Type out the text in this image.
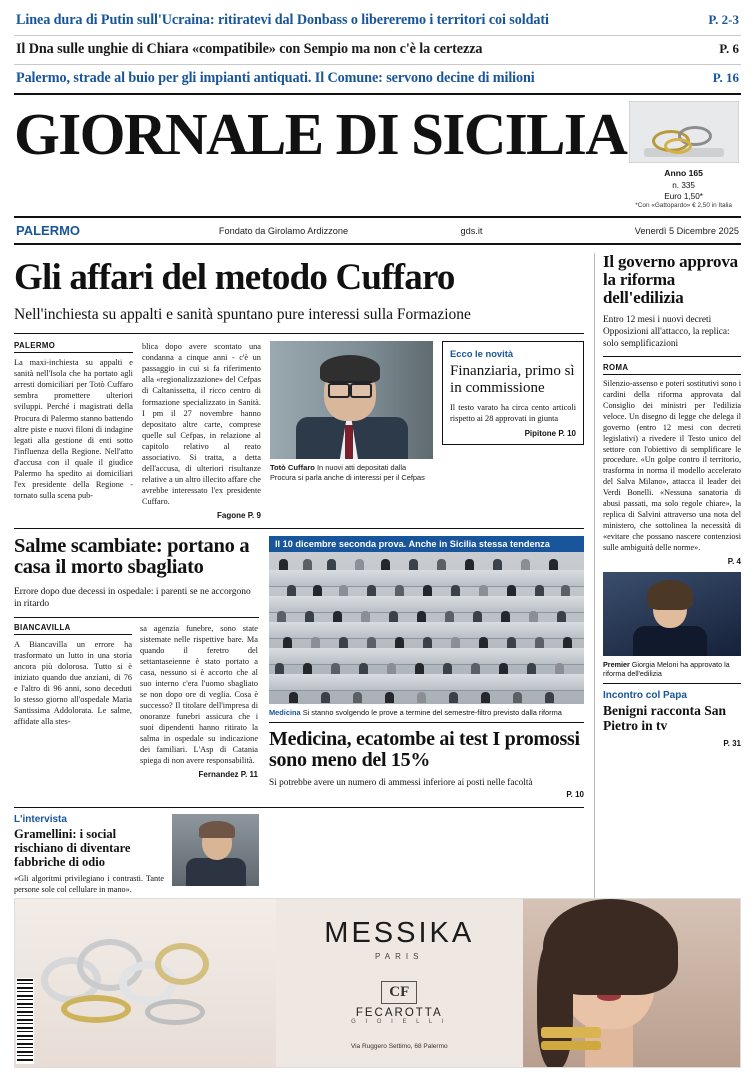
Linea dura di Putin sull'Ucraina: ritiratevi dal Donbass o libereremo i territori coi soldati	P. 2-3
Il Dna sulle unghie di Chiara «compatibile» con Sempio ma non c'è la certezza	P. 6
Palermo, strade al buio per gli impianti antiquati. Il Comune: servono decine di milioni	P. 16
GIORNALE DI SICILIA
Anno 165
n. 335
Euro 1,50*
*Con «Gattopardo» € 2,50 in Italia
PALERMO	Fondato da Girolamo Ardizzone	gds.it	Venerdì 5 Dicembre 2025
Gli affari del metodo Cuffaro
Nell'inchiesta su appalti e sanità spuntano pure interessi sulla Formazione
PALERMO
La maxi-inchiesta su appalti e sanità nell'Isola che ha portato agli arresti domiciliari per Totò Cuffaro sembra promettere ulteriori sviluppi. Perché i magistrati della Procura di Palermo stanno battendo altre piste e nuovi filoni di indagine legati alla gestione di enti sotto l'influenza della Regione. Nell'atto d'accusa con il quale il giudice Palermo ha spedito ai domiciliari l'ex presidente della Regione - tornato sulla scena pub-
blica dopo avere scontato una condanna a cinque anni - c'è un passaggio in cui si fa riferimento alla «regionalizzazione» del Cefpas di Caltanissetta, il ricco centro di formazione specializzato in Sanità. I pm il 27 novembre hanno depositato altre carte, comprese quelle sul Cefpas, in relazione al capitolo relativo al reato associativo. Si tratta, a detta dell'accusa, di ulteriori risultanze relative a un altro illecito affare che avrebbe interessato l'ex presidente Cuffaro.
Fagone P. 9
Totò Cuffaro In nuovi atti depositati dalla Procura si parla anche di interessi per il Cefpas
Ecco le novità
Finanziaria, primo sì in commissione
Il testo varato ha circa cento articoli rispetto ai 28 approvati in giunta
Pipitone P. 10
Salme scambiate: portano a casa il morto sbagliato
Errore dopo due decessi in ospedale: i parenti se ne accorgono in ritardo
BIANCAVILLA
A Biancavilla un errore ha trasformato un lutto in una storia ancora più dolorosa. Tutto si è iniziato quando due anziani, di 76 e l'altro di 96 anni, sono deceduti lo stesso giorno all'ospedale Maria Santissima Addolorata. Le salme, affidate alla stes-
sa agenzia funebre, sono state sistemate nelle rispettive bare. Ma quando il feretro del settantaseienne è stato portato a casa, nessuno si è accorto che al suo interno c'era l'uomo sbagliato se non dopo ore di veglia. Cosa è successo? Il titolare dell'impresa di onoranze funebri assicura che i suoi dipendenti hanno ritirato la salma in ospedale su indicazione dei familiari. L'Asp di Catania spiega di non avere responsabilità.
Fernandez P. 11
Il 10 dicembre seconda prova. Anche in Sicilia stessa tendenza
Medicina Si stanno svolgendo le prove a termine del semestre-filtro previsto dalla riforma
Medicina, ecatombe ai test I promossi sono meno del 15%
Si potrebbe avere un numero di ammessi inferiore ai posti nelle facoltà
P. 10
L'intervista
Gramellini: i social rischiano di diventare fabbriche di odio
«Gli algoritmi privilegiano i contrasti. Tante persone sole col cellulare in mano».
Il governo approva la riforma dell'edilizia
Entro 12 mesi i nuovi decreti Opposizioni all'attacco, la replica: solo semplificazioni
ROMA
Silenzio-assenso e poteri sostitutivi sono i cardini della riforma approvata dal Consiglio dei ministri per l'edilizia veloce. Un disegno di legge che delega il governo (entro 12 mesi con decreti legislativi) a rivedere il Testo unico del settore con l'obiettivo di semplificare le procedure. «Un golpe contro il territorio, trasforma in norma il modello accelerato del Salva Milano», attacca il leader dei Verdi Bonelli. «Nessuna sanatoria di abusi passati, ma solo regole chiare», la replica di Salvini attraverso una nota del ministero, che sottolinea la necessità di «evitare che possano nascere contenziosi sulle ambiguità delle norme».
P. 4
Premier Giorgia Meloni ha approvato la riforma dell'edilizia
Incontro col Papa
Benigni racconta San Pietro in tv
P. 31
MESSIKA
PARIS
CF
FECAROTTA
G I O I E L L I
Via Ruggero Settimo, 68 Palermo
